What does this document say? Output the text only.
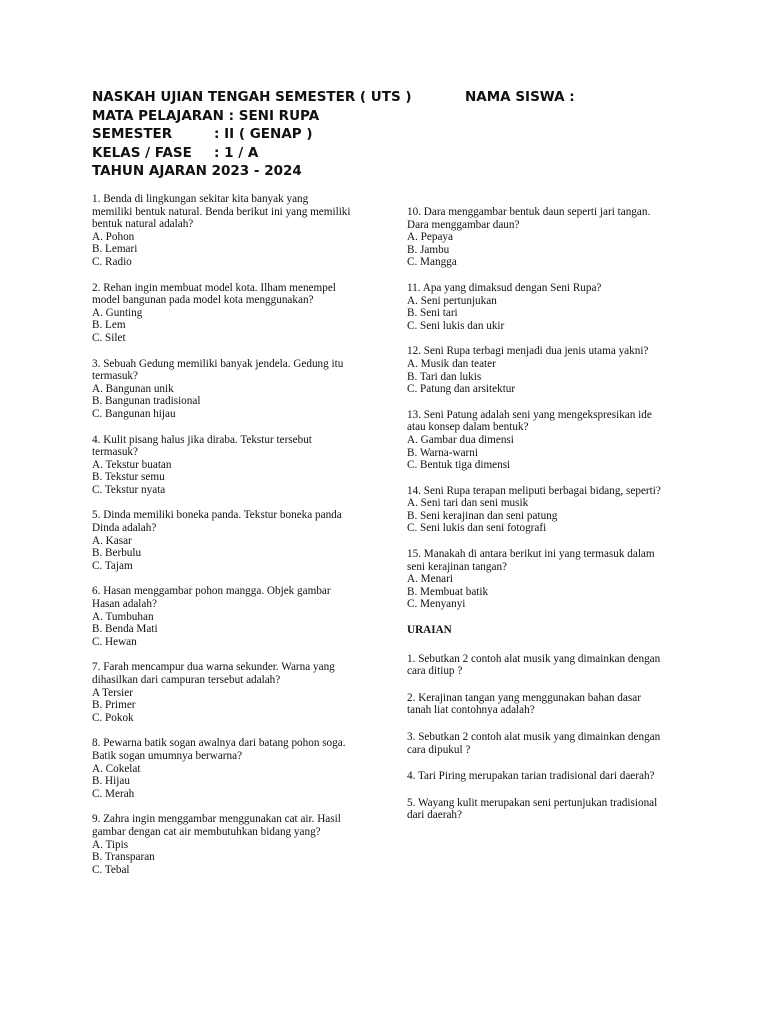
NASKAH UJIAN TENGAH SEMESTER ( UTS )
MATA PELAJARAN : SENI RUPA
SEMESTER	: II ( GENAP )
KELAS / FASE : 1 / A
TAHUN AJARAN 2023 - 2024
NAMA SISWA :
1. Benda di lingkungan sekitar kita banyak yang
memiliki bentuk natural. Benda berikut ini yang memiliki
bentuk natural adalah?
A. Pohon
B. Lemari
C. Radio
2. Rehan ingin membuat model kota. Ilham menempel
model bangunan pada model kota menggunakan?
A. Gunting
B. Lem
C. Silet
3. Sebuah Gedung memiliki banyak jendela. Gedung itu
termasuk?
A. Bangunan unik
B. Bangunan tradisional
C. Bangunan hijau
4. Kulit pisang halus jika diraba. Tekstur tersebut
termasuk?
A. Tekstur buatan
B. Tekstur semu
C. Tekstur nyata
5. Dinda memiliki boneka panda. Tekstur boneka panda
Dinda adalah?
A. Kasar
B. Berbulu
C. Tajam
6. Hasan menggambar pohon mangga. Objek gambar
Hasan adalah?
A. Tumbuhan
B. Benda Mati
C. Hewan
7. Farah mencampur dua warna sekunder. Warna yang
dihasilkan dari campuran tersebut adalah?
A Tersier
B. Primer
C. Pokok
8. Pewarna batik sogan awalnya dari batang pohon soga.
Batik sogan umumnya berwarna?
A. Cokelat
B. Hijau
C. Merah
9. Zahra ingin menggambar menggunakan cat air. Hasil
gambar dengan cat air membutuhkan bidang yang?
A. Tipis
B. Transparan
C. Tebal
10. Dara menggambar bentuk daun seperti jari tangan.
Dara menggambar daun?
A. Pepaya
B. Jambu
C. Mangga
11. Apa yang dimaksud dengan Seni Rupa?
A. Seni pertunjukan
B. Seni tari
C. Seni lukis dan ukir
12. Seni Rupa terbagi menjadi dua jenis utama yakni?
A. Musik dan teater
B. Tari dan lukis
C. Patung dan arsitektur
13. Seni Patung adalah seni yang mengekspresikan ide
atau konsep dalam bentuk?
A. Gambar dua dimensi
B. Warna-warni
C. Bentuk tiga dimensi
14. Seni Rupa terapan meliputi berbagai bidang, seperti?
A. Seni tari dan seni musik
B. Seni kerajinan dan seni patung
C. Seni lukis dan seni fotografi
15. Manakah di antara berikut ini yang termasuk dalam
seni kerajinan tangan?
A. Menari
B. Membuat batik
C. Menyanyi
URAIAN
1. Sebutkan 2 contoh alat musik yang dimainkan dengan
cara ditiup ?
2. Kerajinan tangan yang menggunakan bahan dasar
tanah liat contohnya adalah?
3. Sebutkan 2 contoh alat musik yang dimainkan dengan
cara dipukul ?
4. Tari Piring merupakan tarian tradisional dari daerah?
5. Wayang kulit merupakan seni pertunjukan tradisional
dari daerah?
